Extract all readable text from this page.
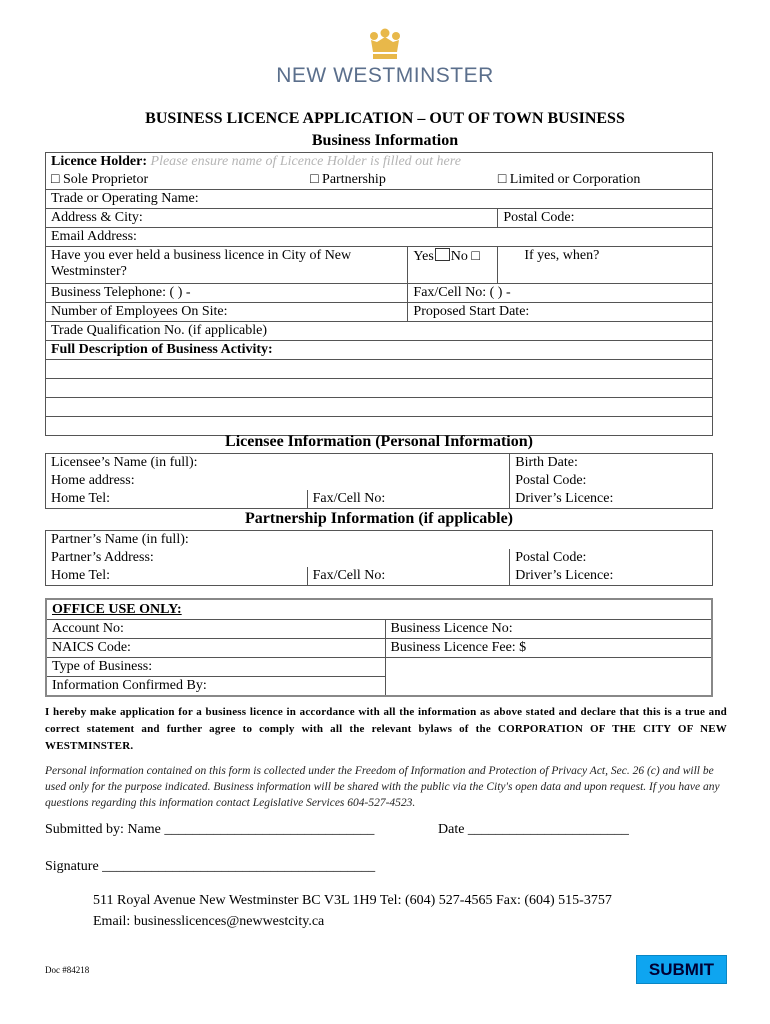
NEW WESTMINSTER
BUSINESS LICENCE APPLICATION – OUT OF TOWN BUSINESS
Business Information
Licence Holder: Please ensure name of Licence Holder is filled out here			
□ Sole Proprietor	□ Partnership		□ Limited or Corporation
Trade or Operating Name:			
Address & City:			Postal Code:
Email Address:			
Have you ever held a business licence in City of New Westminster?		Yes No □	If yes, when?
Business Telephone: ( ) -		Fax/Cell No: ( ) -	
Number of Employees On Site:		Proposed Start Date:	
Trade Qualification No. (if applicable)			
Full Description of Business Activity:			

Licensee Information (Personal Information)
Licensee’s Name (in full):		Birth Date:
Home address:		Postal Code:
Home Tel:	Fax/Cell No:	Driver’s Licence:
Partnership Information (if applicable)
Partner’s Name (in full):		
Partner’s Address:		Postal Code:
Home Tel:	Fax/Cell No:	Driver’s Licence:
OFFICE USE ONLY:	
Account No:	Business Licence No:
NAICS Code:	Business Licence Fee: $
Type of Business:	
Information Confirmed By:	
I hereby make application for a business licence in accordance with all the information as above stated and declare that this is a true and correct statement and further agree to comply with all the relevant bylaws of the CORPORATION OF THE CITY OF NEW WESTMINSTER.
Personal information contained on this form is collected under the Freedom of Information and Protection of Privacy Act, Sec. 26 (c) and will be used only for the purpose indicated. Business information will be shared with the public via the City's open data and upon request. If you have any questions regarding this information contact Legislative Services 604-527-4523.
Submitted by: Name ______________________________	Date _______________________
Signature _______________________________________
511 Royal Avenue New Westminster BC V3L 1H9 Tel: (604) 527-4565 Fax: (604) 515-3757
Email: businesslicences@newwestcity.ca
Doc #84218	SUBMIT
